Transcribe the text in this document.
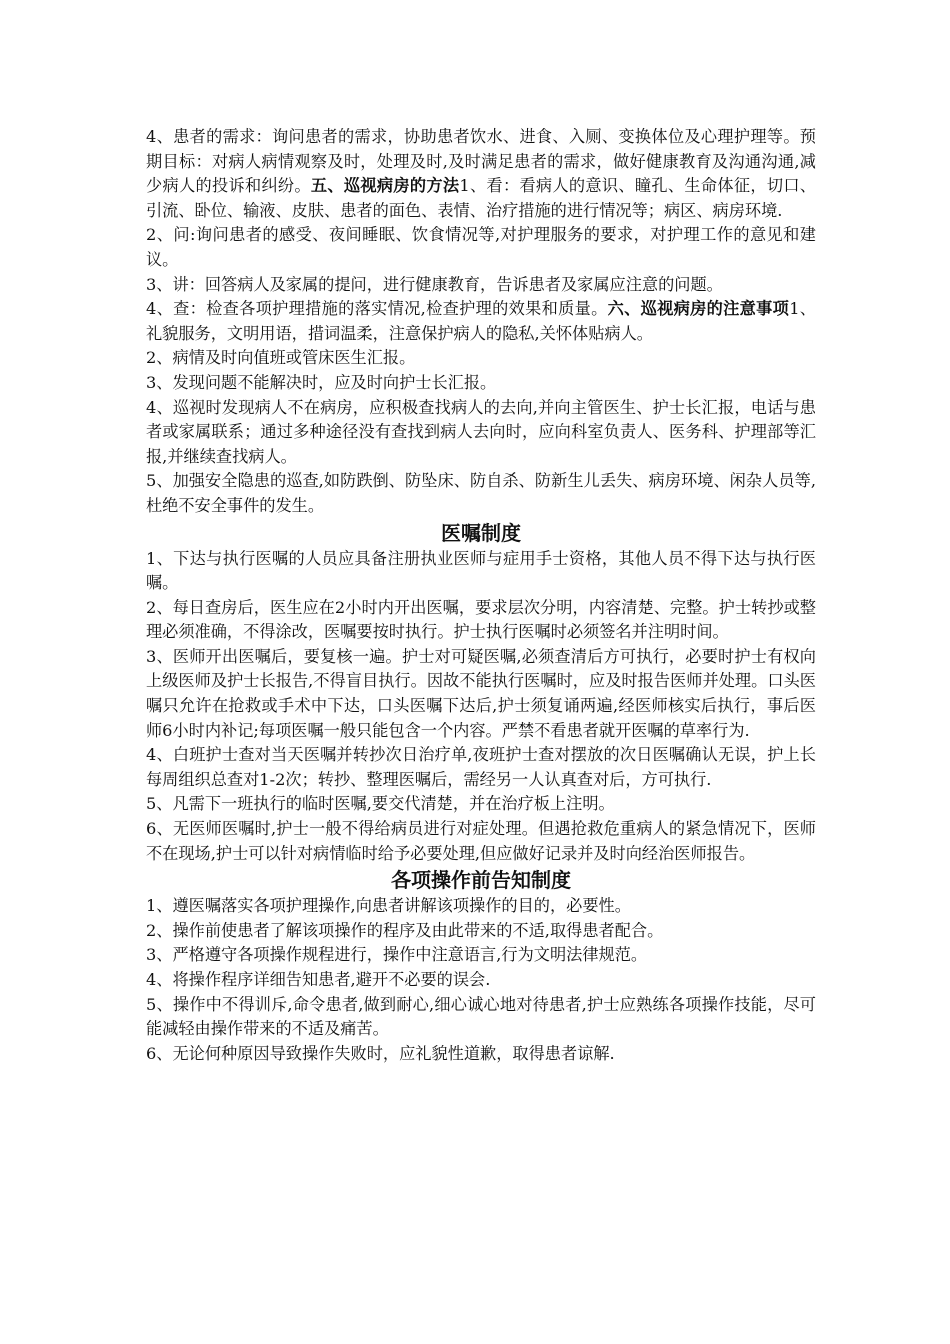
4、患者的需求：询问患者的需求，协助患者饮水、进食、入厕、变换体位及心理护理等。预期目标：对病人病情观察及时，处理及时,及时满足患者的需求，做好健康教育及沟通沟通,减少病人的投诉和纠纷。五、巡视病房的方法1、看：看病人的意识、瞳孔、生命体征，切口、引流、卧位、输液、皮肤、患者的面色、表情、治疗措施的进行情况等；病区、病房环境.

2、问:询问患者的感受、夜间睡眠、饮食情况等,对护理服务的要求，对护理工作的意见和建议。

3、讲：回答病人及家属的提问，进行健康教育，告诉患者及家属应注意的问题。

4、查：检查各项护理措施的落实情况,检查护理的效果和质量。六、巡视病房的注意事项1、礼貌服务，文明用语，措词温柔，注意保护病人的隐私,关怀体贴病人。

2、病情及时向值班或管床医生汇报。

3、发现问题不能解决时，应及时向护士长汇报。

4、巡视时发现病人不在病房，应积极查找病人的去向,并向主管医生、护士长汇报，电话与患者或家属联系；通过多种途径没有查找到病人去向时，应向科室负责人、医务科、护理部等汇报,并继续查找病人。

5、加强安全隐患的巡查,如防跌倒、防坠床、防自杀、防新生儿丢失、病房环境、闲杂人员等,杜绝不安全事件的发生。

医嘱制度

1、下达与执行医嘱的人员应具备注册执业医师与症用手士资格，其他人员不得下达与执行医嘱。

2、每日查房后，医生应在2小时内开出医嘱，要求层次分明，内容清楚、完整。护士转抄或整理必须准确，不得涂改，医嘱要按时执行。护士执行医嘱时必须签名并注明时间。

3、医师开出医嘱后，要复核一遍。护士对可疑医嘱,必须查清后方可执行，必要时护士有权向上级医师及护士长报告,不得盲目执行。因故不能执行医嘱时，应及时报告医师并处理。口头医嘱只允许在抢救或手术中下达，口头医嘱下达后,护士须复诵两遍,经医师核实后执行，事后医师6小时内补记;每项医嘱一般只能包含一个内容。严禁不看患者就开医嘱的草率行为.

4、白班护士查对当天医嘱并转抄次日治疗单,夜班护士查对摆放的次日医嘱确认无误，护上长每周组织总查对1-2次；转抄、整理医嘱后，需经另一人认真查对后，方可执行.

5、凡需下一班执行的临时医嘱,要交代清楚，并在治疗板上注明。

6、无医师医嘱时,护士一般不得给病员进行对症处理。但遇抢救危重病人的紧急情况下，医师不在现场,护士可以针对病情临时给予必要处理,但应做好记录并及时向经治医师报告。

各项操作前告知制度

1、遵医嘱落实各项护理操作,向患者讲解该项操作的目的，必要性。

2、操作前使患者了解该项操作的程序及由此带来的不适,取得患者配合。

3、严格遵守各项操作规程进行，操作中注意语言,行为文明法律规范。

4、将操作程序详细告知患者,避开不必要的误会.

5、操作中不得训斥,命令患者,做到耐心,细心诚心地对待患者,护士应熟练各项操作技能，尽可能减轻由操作带来的不适及痛苦。

6、无论何种原因导致操作失败时，应礼貌性道歉，取得患者谅解.
